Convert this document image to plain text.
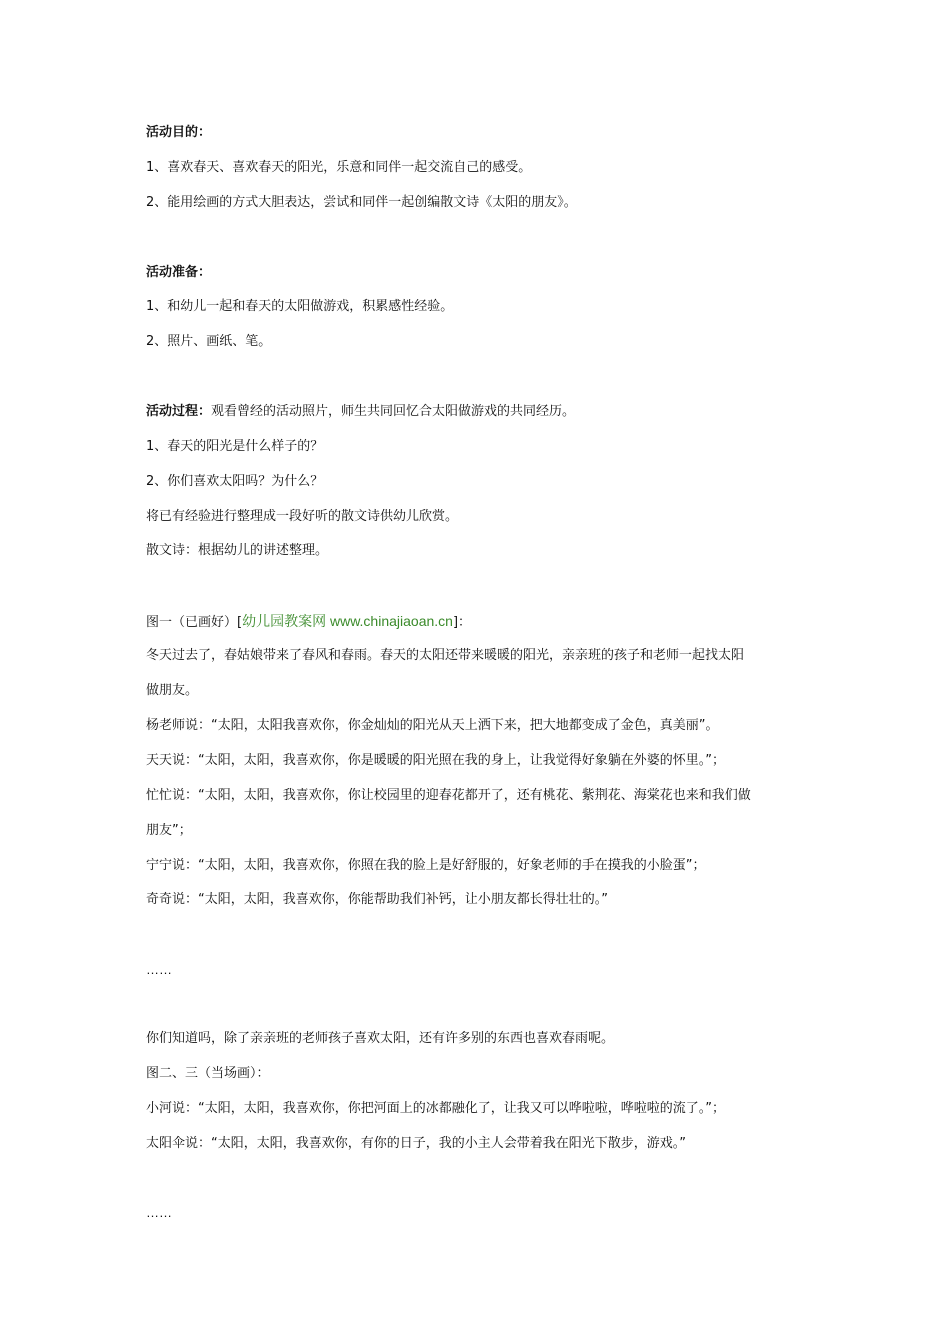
活动目的：
1、喜欢春天、喜欢春天的阳光，乐意和同伴一起交流自己的感受。
2、能用绘画的方式大胆表达，尝试和同伴一起创编散文诗《太阳的朋友》。
活动准备：
1、和幼儿一起和春天的太阳做游戏，积累感性经验。
2、照片、画纸、笔。
活动过程：观看曾经的活动照片，师生共同回忆合太阳做游戏的共同经历。
1、春天的阳光是什么样子的？
2、你们喜欢太阳吗？为什么？
将已有经验进行整理成一段好听的散文诗供幼儿欣赏。
散文诗：根据幼儿的讲述整理。
图一（已画好）[幼儿园教案网 www.chinajiaoan.cn]：
冬天过去了，春姑娘带来了春风和春雨。春天的太阳还带来暖暖的阳光，亲亲班的孩子和老师一起找太阳
做朋友。
杨老师说：“太阳，太阳我喜欢你，你金灿灿的阳光从天上洒下来，把大地都变成了金色，真美丽”。
天天说：“太阳，太阳，我喜欢你，你是暖暖的阳光照在我的身上，让我觉得好象躺在外婆的怀里。”；
忙忙说：“太阳，太阳，我喜欢你，你让校园里的迎春花都开了，还有桃花、紫荆花、海棠花也来和我们做
朋友”；
宁宁说：“太阳，太阳，我喜欢你，你照在我的脸上是好舒服的，好象老师的手在摸我的小脸蛋”；
奇奇说：“太阳，太阳，我喜欢你，你能帮助我们补钙，让小朋友都长得壮壮的。”
……
你们知道吗，除了亲亲班的老师孩子喜欢太阳，还有许多别的东西也喜欢春雨呢。
图二、三（当场画）：
小河说：“太阳，太阳，我喜欢你，你把河面上的冰都融化了，让我又可以哗啦啦，哗啦啦的流了。”；
太阳伞说：“太阳，太阳，我喜欢你，有你的日子，我的小主人会带着我在阳光下散步，游戏。”
……
